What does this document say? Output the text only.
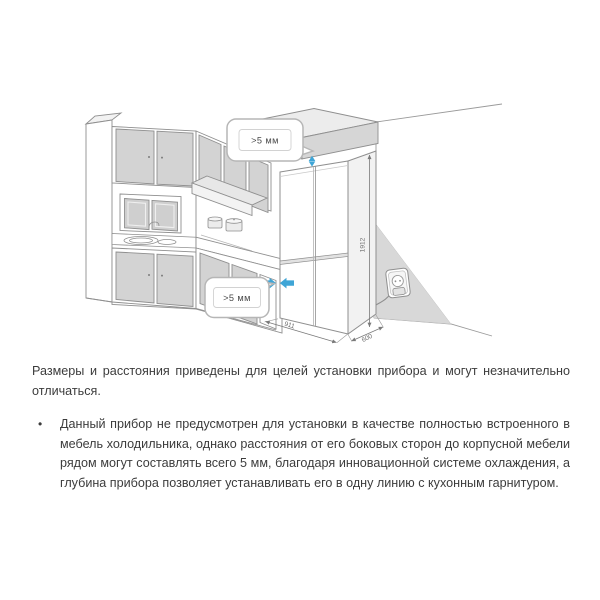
1912
911
600
>5 мм
>5 мм

Размеры и расстояния приведены для целей установки прибора и могут незначительно отличаться.

•	Данный прибор не предусмотрен для установки в качестве полностью встроенного в мебель холодильника, однако расстояния от его боковых сторон до корпусной мебели рядом могут составлять всего 5 мм, благодаря инновационной системе охлаждения, а глубина прибора позволяет устанавливать его в одну линию с кухонным гарнитуром.
